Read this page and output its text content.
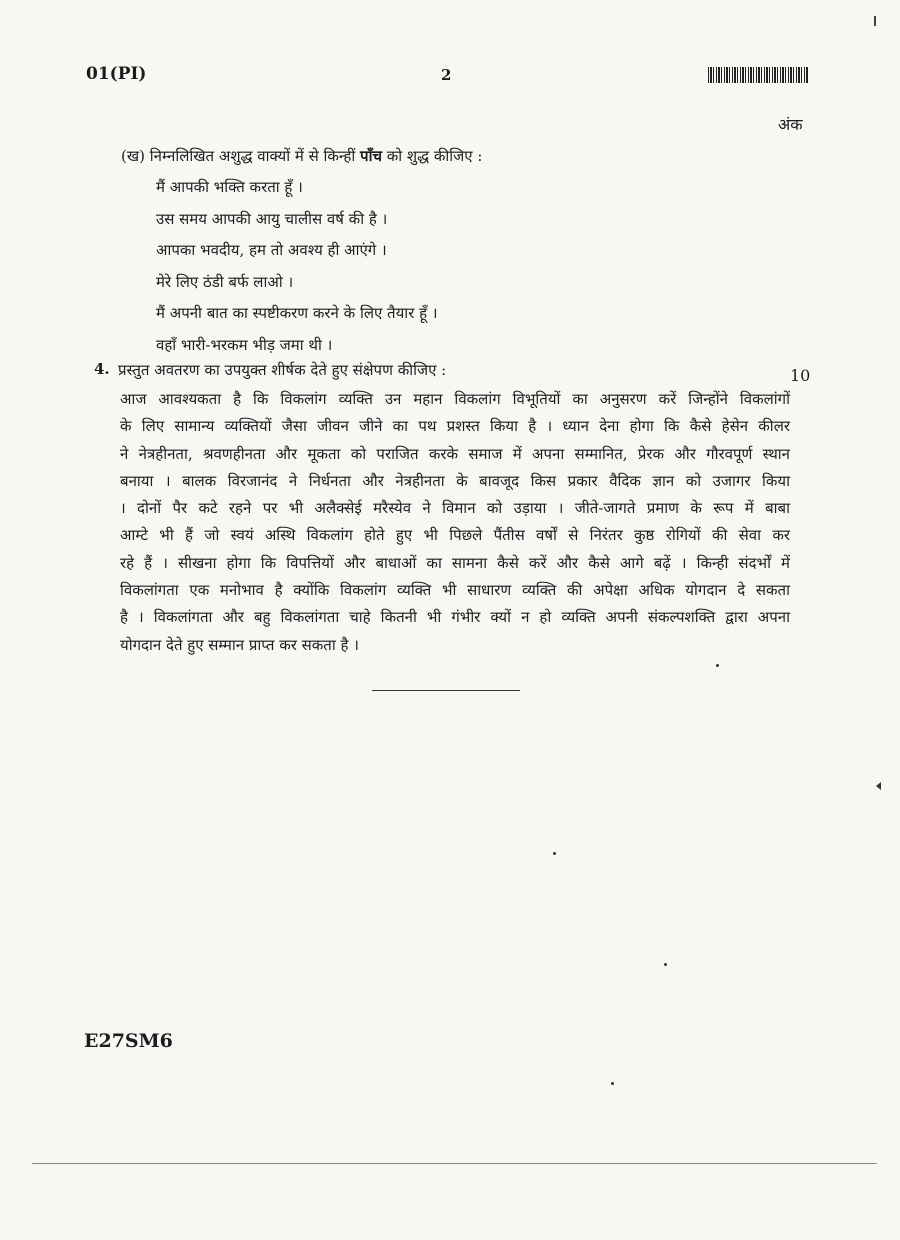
01(PI)	2
अंक
(ख) निम्नलिखित अशुद्ध वाक्यों में से किन्हीं पाँच को शुद्ध कीजिए :
मैं आपकी भक्ति करता हूँ ।
उस समय आपकी आयु चालीस वर्ष की है ।
आपका भवदीय, हम तो अवश्य ही आएंगे ।
मेरे लिए ठंडी बर्फ लाओ ।
मैं अपनी बात का स्पष्टीकरण करने के लिए तैयार हूँ ।
वहाँ भारी-भरकम भीड़ जमा थी ।
4. प्रस्तुत अवतरण का उपयुक्त शीर्षक देते हुए संक्षेपण कीजिए :	10
आज आवश्यकता है कि विकलांग व्यक्ति उन महान विकलांग विभूतियों का अनुसरण करें जिन्होंने विकलांगों
के लिए सामान्य व्यक्तियों जैसा जीवन जीने का पथ प्रशस्त किया है । ध्यान देना होगा कि कैसे हेसेन कीलर
ने नेत्रहीनता, श्रवणहीनता और मूकता को पराजित करके समाज में अपना सम्मानित, प्रेरक और गौरवपूर्ण स्थान
बनाया । बालक विरजानंद ने निर्धनता और नेत्रहीनता के बावजूद किस प्रकार वैदिक ज्ञान को उजागर किया
। दोनों पैर कटे रहने पर भी अलैक्सेई मरैस्येव ने विमान को उड़ाया । जीते-जागते प्रमाण के रूप में बाबा
आम्टे भी हैं जो स्वयं अस्थि विकलांग होते हुए भी पिछले पैंतीस वर्षों से निरंतर कुष्ठ रोगियों की सेवा कर
रहे हैं । सीखना होगा कि विपत्तियों और बाधाओं का सामना कैसे करें और कैसे आगे बढ़ें । किन्ही संदर्भों में
विकलांगता एक मनोभाव है क्योंकि विकलांग व्यक्ति भी साधारण व्यक्ति की अपेक्षा अधिक योगदान दे सकता
है । विकलांगता और बहु विकलांगता चाहे कितनी भी गंभीर क्यों न हो व्यक्ति अपनी संकल्पशक्ति द्वारा अपना
योगदान देते हुए सम्मान प्राप्त कर सकता है ।
E27SM6
